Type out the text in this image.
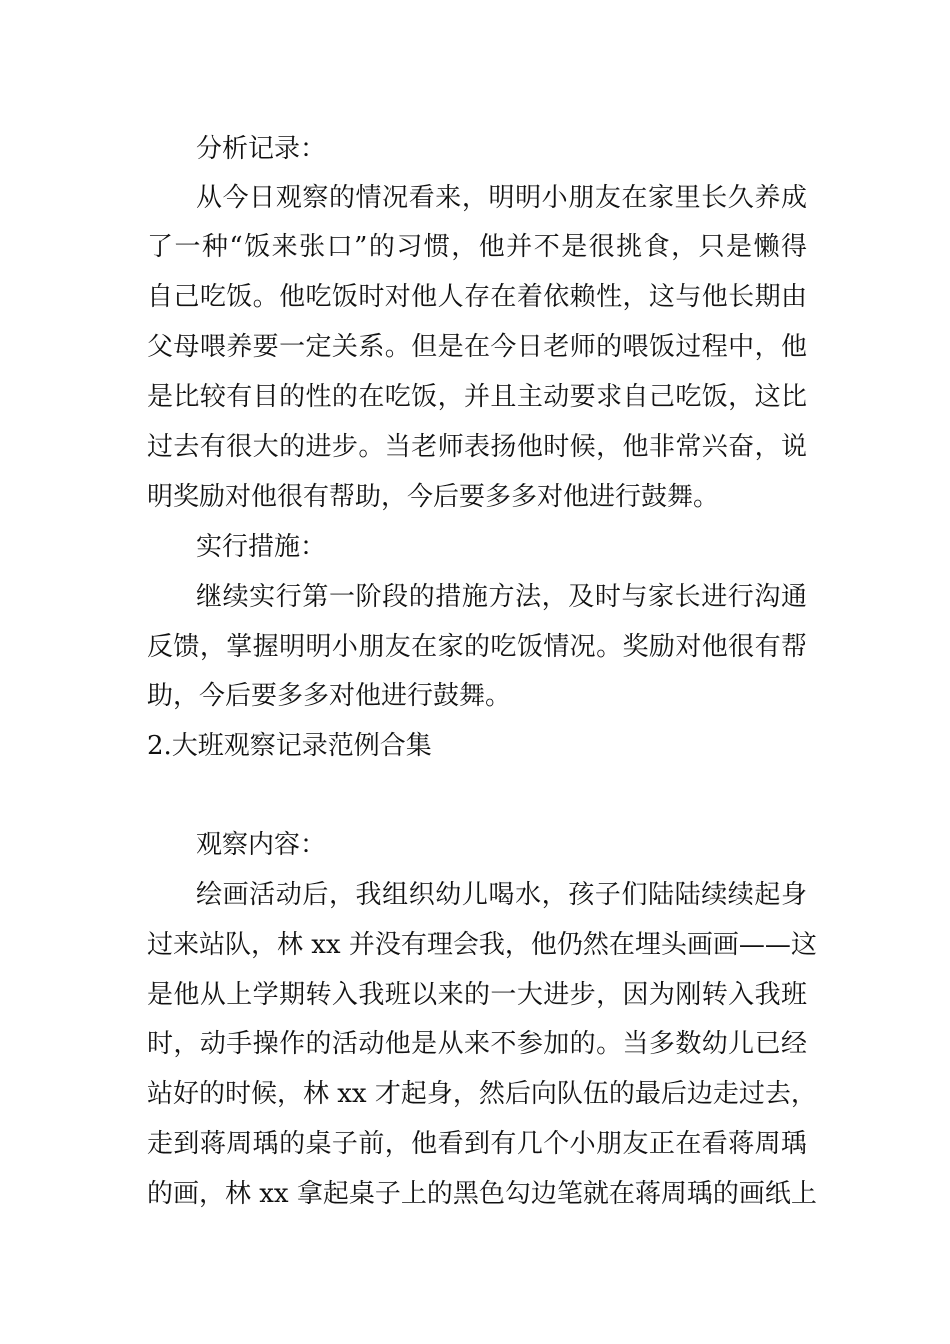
分析记录：
从今日观察的情况看来，明明小朋友在家里长久养成
了一种“饭来张口”的习惯，他并不是很挑食，只是懒得
自己吃饭。他吃饭时对他人存在着依赖性，这与他长期由
父母喂养要一定关系。但是在今日老师的喂饭过程中，他
是比较有目的性的在吃饭，并且主动要求自己吃饭，这比
过去有很大的进步。当老师表扬他时候，他非常兴奋，说
明奖励对他很有帮助，今后要多多对他进行鼓舞。
实行措施：
继续实行第一阶段的措施方法，及时与家长进行沟通
反馈，掌握明明小朋友在家的吃饭情况。奖励对他很有帮
助，今后要多多对他进行鼓舞。
2.大班观察记录范例合集
观察内容：
绘画活动后，我组织幼儿喝水，孩子们陆陆续续起身
过来站队，林 xx 并没有理会我，他仍然在埋头画画——这
是他从上学期转入我班以来的一大进步，因为刚转入我班
时，动手操作的活动他是从来不参加的。当多数幼儿已经
站好的时候，林 xx 才起身，然后向队伍的最后边走过去，
走到蒋周瑀的桌子前，他看到有几个小朋友正在看蒋周瑀
的画，林 xx 拿起桌子上的黑色勾边笔就在蒋周瑀的画纸上
